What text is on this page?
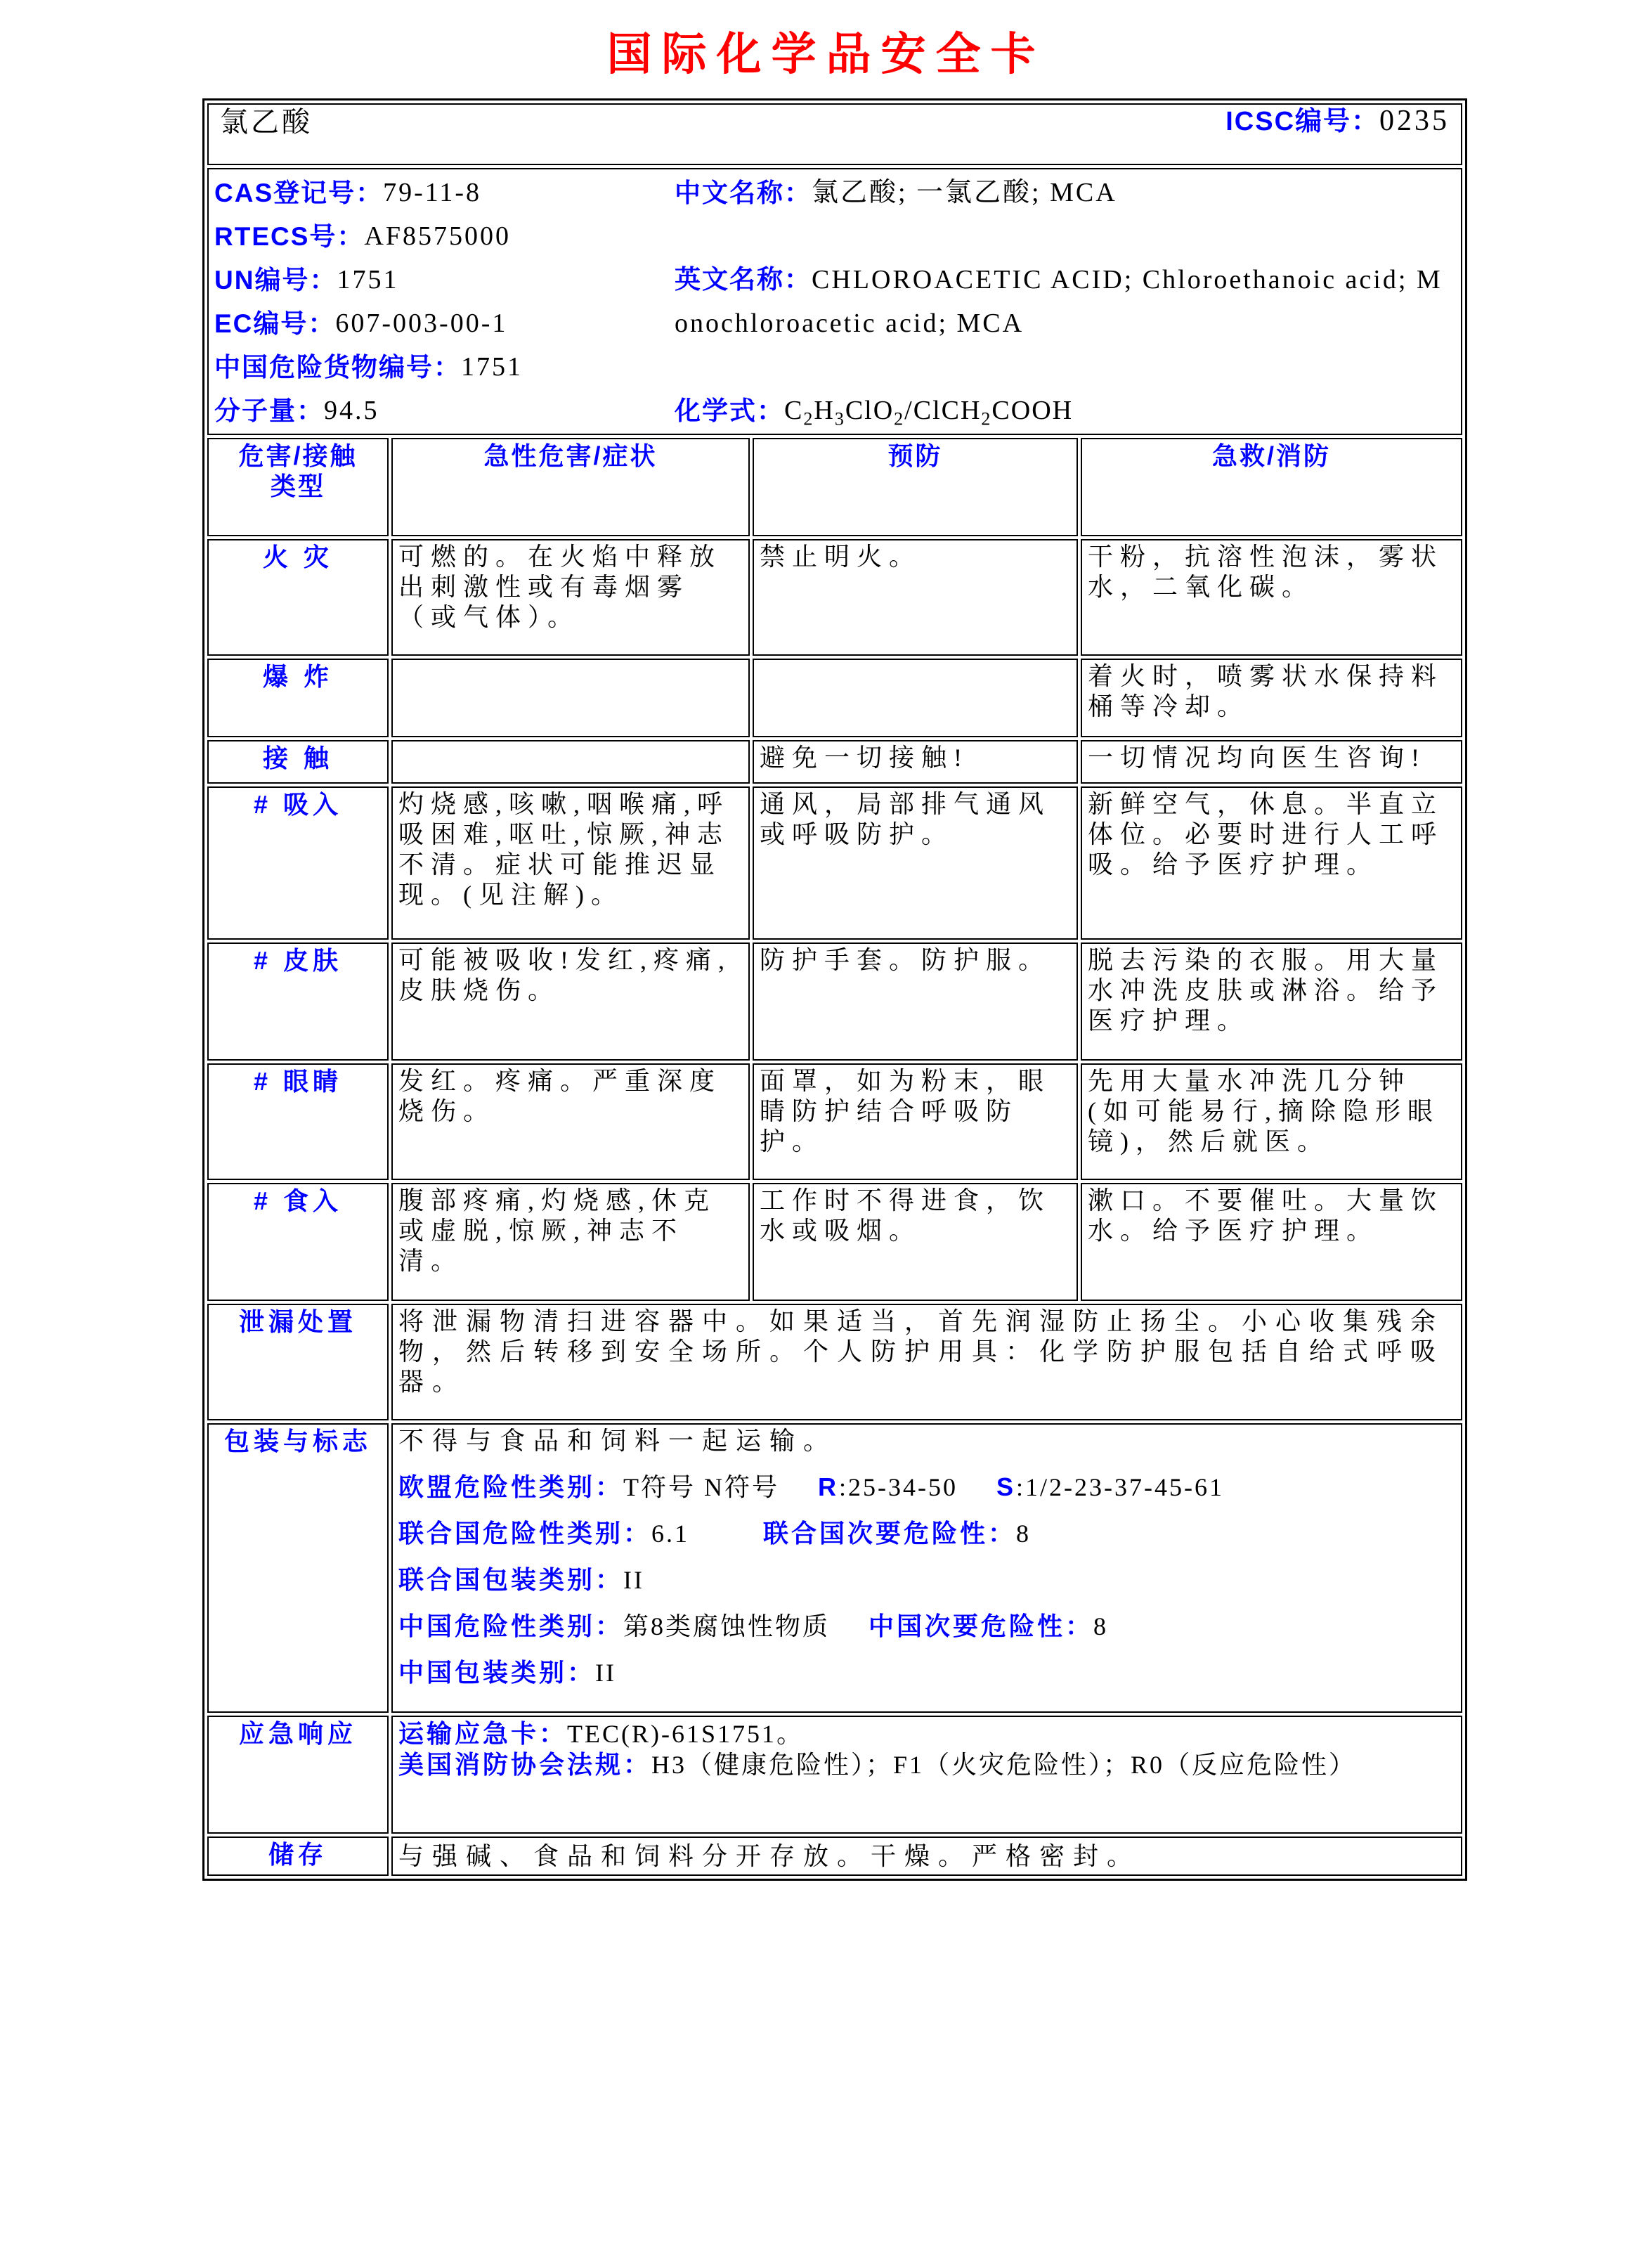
国际化学品安全卡
氯乙酸 ICSC编号：0235			

CAS登记号： 79-11-8
RTECS号： AF8575000
UN编号： 1751
EC编号： 607-003-00-1
中国危险货物编号： 1751
分子量： 94.5
中文名称： 氯乙酸; 一氯乙酸; MCA
英文名称：CHLOROACETIC ACID; Chloroethanoic acid; Monochloroacetic acid; MCA
化学式： $C_2H_3ClO_2/ClCH_2COOH$

危害/接触
类型	急性危害/症状	预防	急救/消防
火 灾	可燃的。在火焰中释放出刺激性或有毒烟雾（或气体）。	禁止明火。	干粉，抗溶性泡沫，雾状水，二氧化碳。
爆 炸			着火时，喷雾状水保持料桶等冷却。
接 触		避免一切接触!	一切情况均向医生咨询!
# 吸入	灼烧感,咳嗽,咽喉痛,呼吸困难,呕吐,惊厥,神志不清。症状可能推迟显现。(见注解)。	通风，局部排气通风或呼吸防护。	新鲜空气，休息。半直立体位。必要时进行人工呼吸。给予医疗护理。
# 皮肤	可能被吸收!发红,疼痛,皮肤烧伤。	防护手套。防护服。	脱去污染的衣服。用大量水冲洗皮肤或淋浴。给予医疗护理。
# 眼睛	发红。疼痛。严重深度烧伤。	面罩，如为粉末，眼睛防护结合呼吸防护。	先用大量水冲洗几分钟(如可能易行,摘除隐形眼镜)，然后就医。
# 食入	腹部疼痛,灼烧感,休克或虚脱,惊厥,神志不清。	工作时不得进食，饮水或吸烟。	漱口。不要催吐。大量饮水。给予医疗护理。
泄漏处置	将泄漏物清扫进容器中。如果适当，首先润湿防止扬尘。小心收集残余物，然后转移到安全场所。个人防护用具：化学防护服包括自给式呼吸器。		
包装与标志	不得与食品和饲料一起运输。
欧盟危险性类别：T符号 N符号 R:25-34-50 S:1/2-23-37-45-61
联合国危险性类别：6.1	联合国次要危险性：8
联合国包装类别：II
中国危险性类别：第8类腐蚀性物质 中国次要危险性：8
中国包装类别：II

应急响应	运输应急卡：TEC(R)-61S1751。
美国消防协会法规：H3（健康危险性）；F1（火灾危险性）；R0（反应危险性）		

储存	与强碱、食品和饲料分开存放。干燥。严格密封。		
